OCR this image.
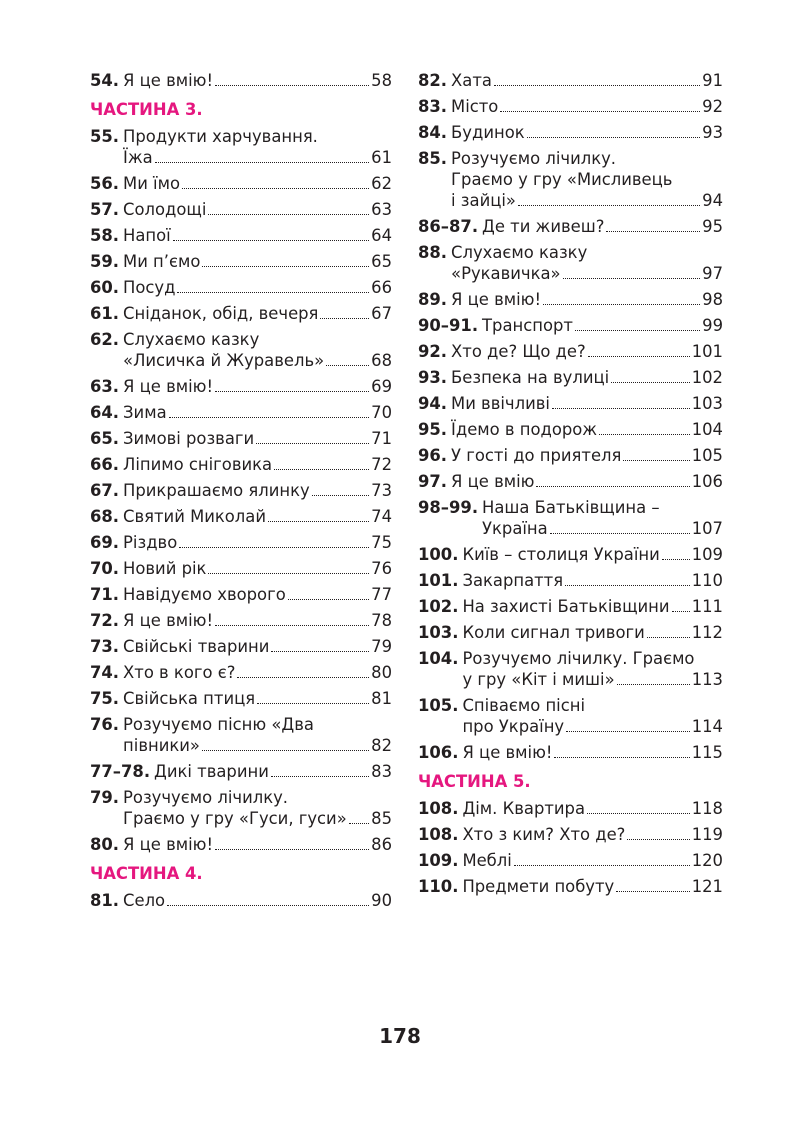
54. Я це вмію!	58
ЧАСТИНА 3.
55. Продукти харчування.
Їжа	61
56. Ми їмо	62
57. Солодощі	63
58. Напої	64
59. Ми п’ємо	65
60. Посуд	66
61. Сніданок, обід, вечеря	67
62. Слухаємо казку
«Лисичка й Журавель»	68
63. Я це вмію!	69
64. Зима	70
65. Зимові розваги	71
66. Ліпимо сніговика	72
67. Прикрашаємо ялинку	73
68. Святий Миколай	74
69. Різдво	75
70. Новий рік	76
71. Навідуємо хворого	77
72. Я це вмію!	78
73. Свійські тварини	79
74. Хто в кого є?	80
75. Свійська птиця	81
76. Розучуємо пісню «Два
півники»	82
77–78. Дикі тварини	83
79. Розучуємо лічилку.
Граємо у гру «Гуси, гуси» 85
80. Я це вмію!	86
ЧАСТИНА 4.
81. Село	90
82. Хата	91
83. Місто	92
84. Будинок	93
85. Розучуємо лічилку.
Граємо у гру «Мисливець
і зайці»	94
86–87. Де ти живеш?	95
88. Слухаємо казку
«Рукавичка»	97
89. Я це вмію!	98
90–91. Транспорт	99
92. Хто де? Що де?	101
93. Безпека на вулиці	102
94. Ми ввічливі	103
95. Їдемо в подорож	104
96. У гості до приятеля	105
97. Я це вмію	106
98–99. Наша Батьківщина –
Україна	107
100. Київ – столиця України 109
101. Закарпаття	110
102. На захисті Батьківщини 111
103. Коли сигнал тривоги	112
104. Розучуємо лічилку. Граємо
у гру «Кіт і миші»	113
105. Співаємо пісні
про Україну	114
106. Я це вмію!	115
ЧАСТИНА 5.
108. Дім. Квартира	118
108. Хто з ким? Хто де?	119
109. Меблі	120
110. Предмети побуту	121
178
